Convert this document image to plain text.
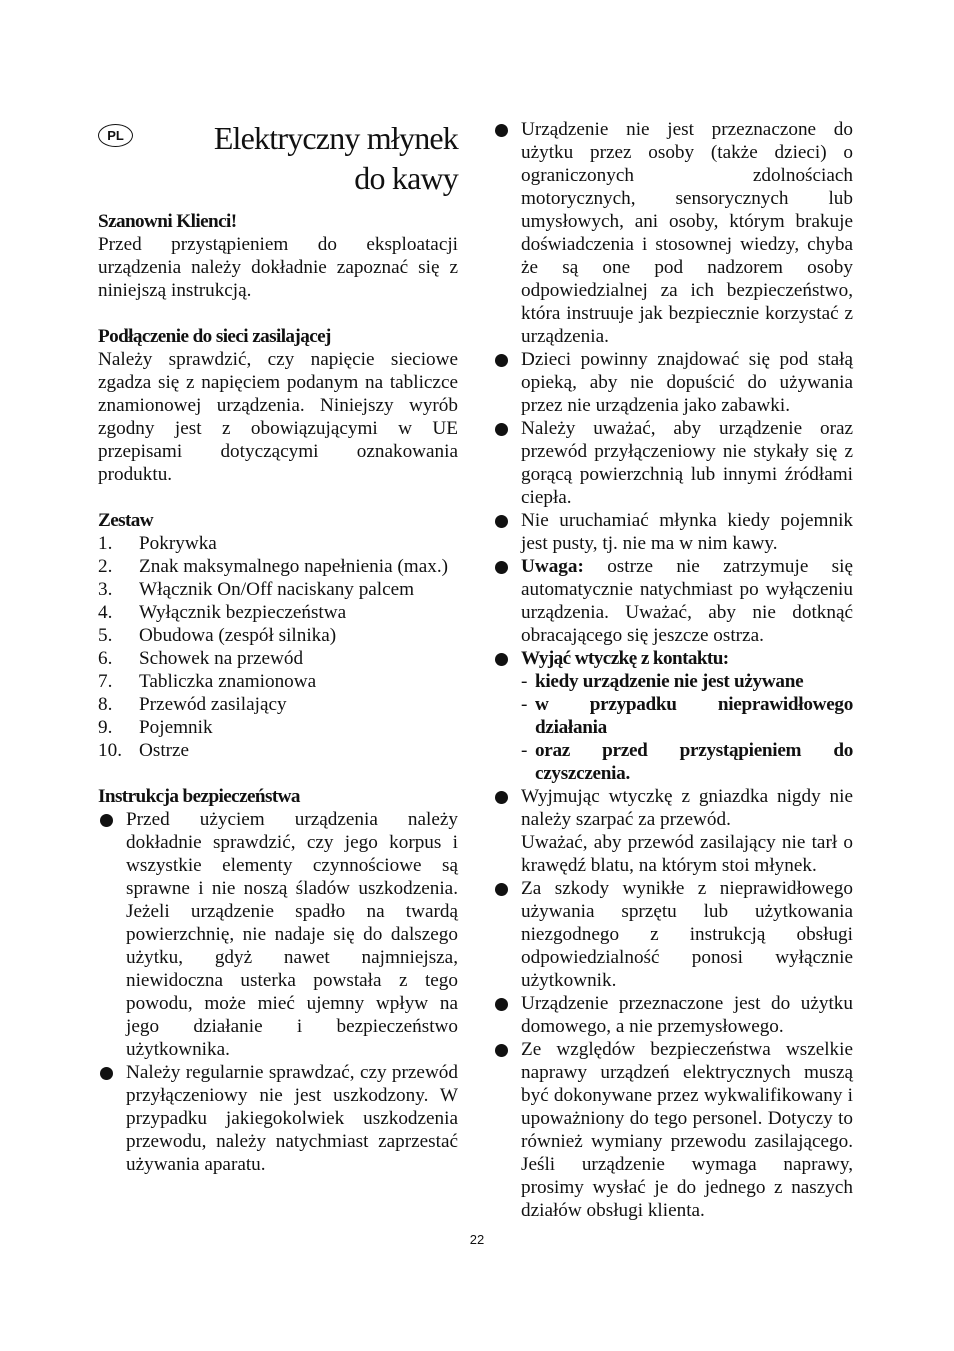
PL	Elektryczny młynek
do kawy
Szanowni Klienci!
Przed przystąpieniem do eksploatacji urządzenia należy dokładnie zapoznać się z niniejszą instrukcją.
Podłączenie do sieci zasilającej
Należy sprawdzić, czy napięcie sieciowe zgadza się z napięciem podanym na tabliczce znamionowej urządzenia. Niniejszy wyrób zgodny jest z obowiązującymi w UE przepisami dotyczącymi oznakowania produktu.
Zestaw
1. Pokrywka
2. Znak maksymalnego napełnienia (max.)
3. Włącznik On/Off naciskany palcem
4. Wyłącznik bezpieczeństwa
5. Obudowa (zespół silnika)
6. Schowek na przewód
7. Tabliczka znamionowa
8. Przewód zasilający
9. Pojemnik
10. Ostrze
Instrukcja bezpieczeństwa
Przed użyciem urządzenia należy dokładnie sprawdzić, czy jego korpus i wszystkie elementy czynnościowe są sprawne i nie noszą śladów uszkodzenia. Jeżeli urządzenie spadło na twardą powierzchnię, nie nadaje się do dalszego użytku, gdyż nawet najmniejsza, niewidoczna usterka powstała z tego powodu, może mieć ujemny wpływ na jego działanie i bezpieczeństwo użytkownika.
Należy regularnie sprawdzać, czy przewód przyłączeniowy nie jest uszkodzony. W przypadku jakiegokolwiek uszkodzenia przewodu, należy natychmiast zaprzestać używania aparatu.
Urządzenie nie jest przeznaczone do użytku przez osoby (także dzieci) o ograniczonych zdolnościach motorycznych, sensorycznych lub umysłowych, ani osoby, którym brakuje doświadczenia i stosownej wiedzy, chyba że są one pod nadzorem osoby odpowiedzialnej za ich bezpieczeństwo, która instruuje jak bezpiecznie korzystać z urządzenia.
Dzieci powinny znajdować się pod stałą opieką, aby nie dopuścić do używania przez nie urządzenia jako zabawki.
Należy uważać, aby urządzenie oraz przewód przyłączeniowy nie stykały się z gorącą powierzchnią lub innymi źródłami ciepła.
Nie uruchamiać młynka kiedy pojemnik jest pusty, tj. nie ma w nim kawy.
Uwaga: ostrze nie zatrzymuje się automatycznie natychmiast po wyłączeniu urządzenia. Uważać, aby nie dotknąć obracającego się jeszcze ostrza.
Wyjąć wtyczkę z kontaktu:
- kiedy urządzenie nie jest używane
- w przypadku nieprawidłowego działania
- oraz przed przystąpieniem do czyszczenia.
Wyjmując wtyczkę z gniazdka nigdy nie należy szarpać za przewód.
Uważać, aby przewód zasilający nie tarł o krawędź blatu, na którym stoi młynek.
Za szkody wynikłe z nieprawidłowego używania sprzętu lub użytkowania niezgodnego z instrukcją obsługi odpowiedzialność ponosi wyłącznie użytkownik.
Urządzenie przeznaczone jest do użytku domowego, a nie przemysłowego.
Ze względów bezpieczeństwa wszelkie naprawy urządzeń elektrycznych muszą być dokonywane przez wykwalifikowany i upoważniony do tego personel. Dotyczy to również wymiany przewodu zasilającego. Jeśli urządzenie wymaga naprawy, prosimy wysłać je do jednego z naszych działów obsługi klienta.
22
